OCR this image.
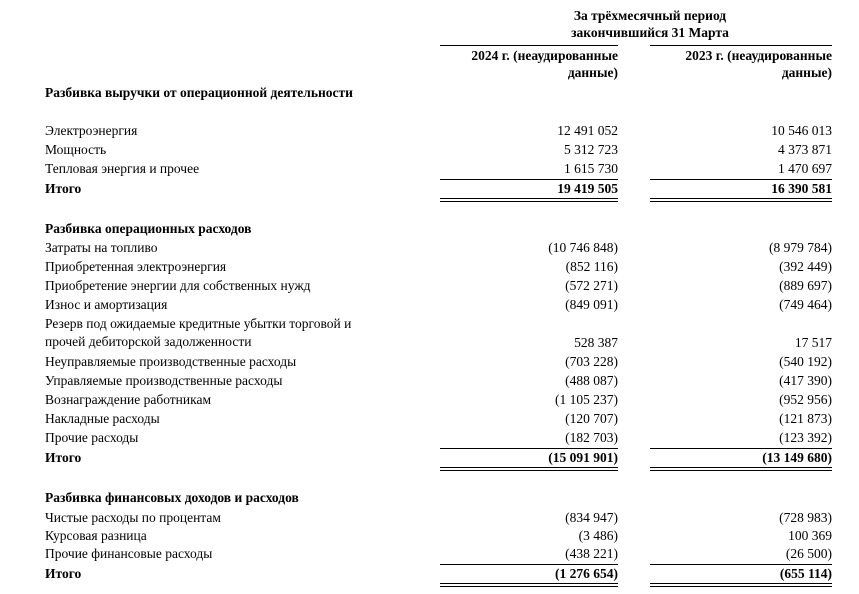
За трёхмесячный период
закончившийся 31 Марта
2024 г. (неаудированные
данные)
2023 г. (неаудированные
данные)
Разбивка выручки от операционной деятельности
Электроэнергия	12 491 052	10 546 013
Мощность	5 312 723	4 373 871
Тепловая энергия и прочее	1 615 730	1 470 697
Итого	19 419 505	16 390 581
Разбивка операционных расходов
Затраты на топливо	(10 746 848)	(8 979 784)
Приобретенная электроэнергия	(852 116)	(392 449)
Приобретение энергии для собственных нужд	(572 271)	(889 697)
Износ и амортизация	(849 091)	(749 464)
Резерв под ожидаемые кредитные убытки торговой и
прочей дебиторской задолженности	528 387	17 517
Неуправляемые производственные расходы	(703 228)	(540 192)
Управляемые производственные расходы	(488 087)	(417 390)
Вознаграждение работникам	(1 105 237)	(952 956)
Накладные расходы	(120 707)	(121 873)
Прочие расходы	(182 703)	(123 392)
Итого	(15 091 901)	(13 149 680)
Разбивка финансовых доходов и расходов
Чистые расходы по процентам	(834 947)	(728 983)
Курсовая разница	(3 486)	100 369
Прочие финансовые расходы	(438 221)	(26 500)
Итого	(1 276 654)	(655 114)
